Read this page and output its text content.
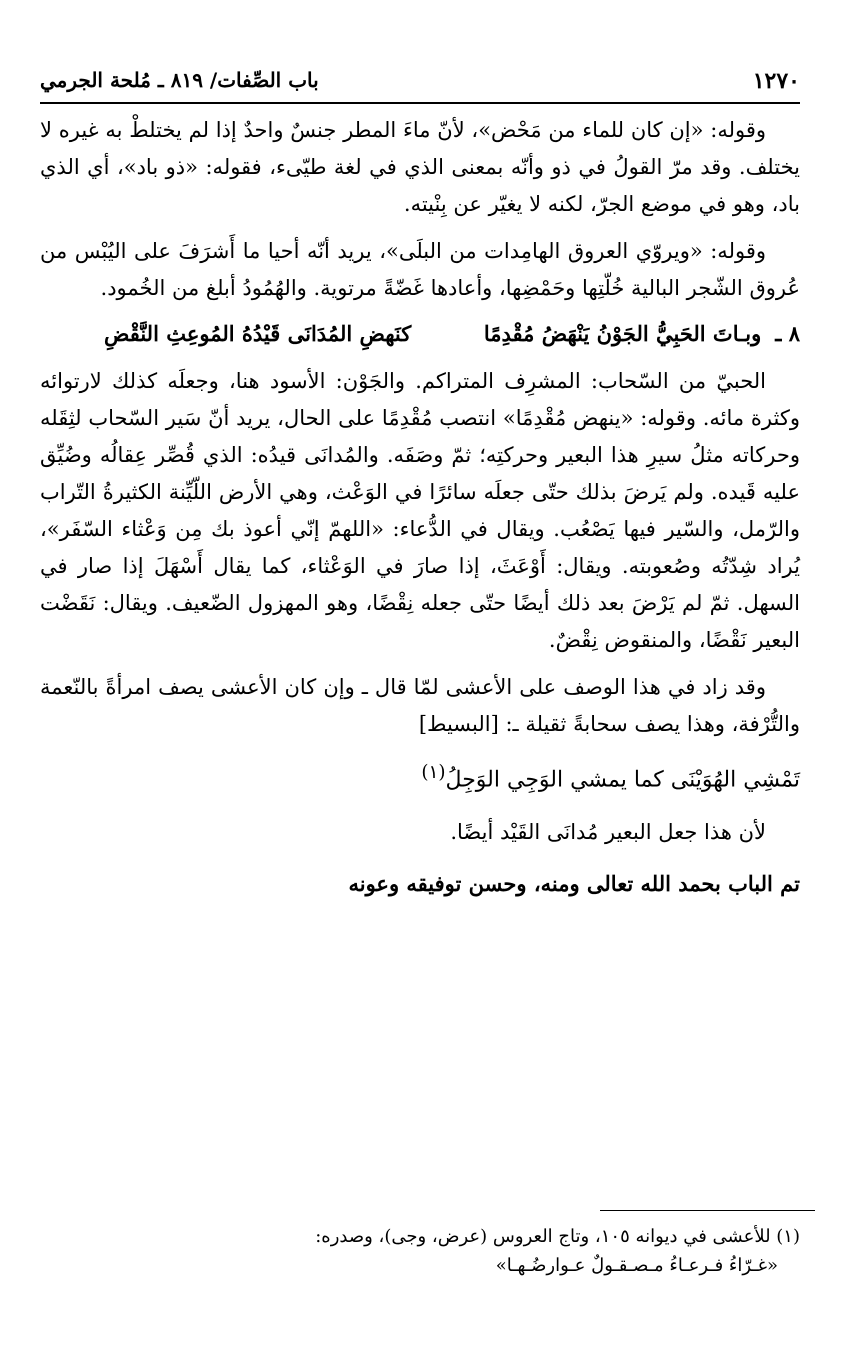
١٢٧٠
باب الصِّفات/ ٨١٩ ـ مُلحة الجرمي

وقوله: «إن كان للماء من مَحْض»، لأنّ ماءَ المطر جنسٌ واحدٌ إذا لم يختلطْ به غيره لا يختلف. وقد مرّ القولُ في ذو وأنّه بمعنى الذي في لغة طيّىء، فقوله: «ذو باد»، أي الذي باد، وهو في موضع الجرّ، لكنه لا يغيّر عن بِنْيته.

وقوله: «ويروّي العروق الهامِدات من البلَى»، يريد أنّه أحيا ما أَشرَفَ على اليُبْس من عُروق الشّجر البالية خُلّتِها وحَمْضِها، وأعادها غَضّةً مرتوية. والهُمُودُ أبلغ من الخُمود.

٨ ـوبـاتَ الحَبِيُّ الجَوْنُ يَنْهَضُ مُقْدِمًاكنَهضِ المُدَانَى قَيْدُهُ المُوعِثِ النَّقْضِ

الحبيّ من السّحاب: المشرِف المتراكم. والجَوْن: الأسود هنا، وجعلَه كذلك لارتوائه وكثرة مائه. وقوله: «ينهض مُقْدِمًا» انتصب مُقْدِمًا على الحال، يريد أنّ سَير السّحاب لثِقَله وحركاته مثلُ سيرِ هذا البعير وحركتِه؛ ثمّ وصَفَه. والمُدانَى قيدُه: الذي قُصِّر عِقالُه وضُيِّق عليه قَيده. ولم يَرضَ بذلك حتّى جعلَه سائرًا في الوَعْث، وهي الأرض اللّيِّنة الكثيرةُ التّراب والرّمل، والسّير فيها يَصْعُب. ويقال في الدُّعاء: «اللهمّ إنّي أعوذ بك مِن وَعْثاء السّفَر»، يُراد شِدّتُه وصُعوبته. ويقال: أَوْعَثَ، إذا صارَ في الوَعْثاء، كما يقال أَسْهَلَ إذا صار في السهل. ثمّ لم يَرْضَ بعد ذلك أيضًا حتّى جعله نِقْضًا، وهو المهزول الضّعيف. ويقال: نَقَضْت البعير نَقْضًا، والمنقوض نِقْضٌ.

وقد زاد في هذا الوصف على الأعشى لمّا قال ـ وإن كان الأعشى يصف امرأةً بالنّعمة والتُّرْفة، وهذا يصف سحابةً ثقيلة ـ: [البسيط]

تَمْشِي الهُوَيْنَى كما يمشي الوَجِي الوَجِلُ$^{(١)}$

لأن هذا جعل البعير مُدانَى القَيْد أيضًا.

تم الباب بحمد الله تعالى ومنه، وحسن توفيقه وعونه

(١) للأعشى في ديوانه ١٠٥، وتاج العروس (عرض، وجى)، وصدره:

«غـرّاءُ فـرعـاءُ مـصـقـولٌ عـوارضُـهـا»
